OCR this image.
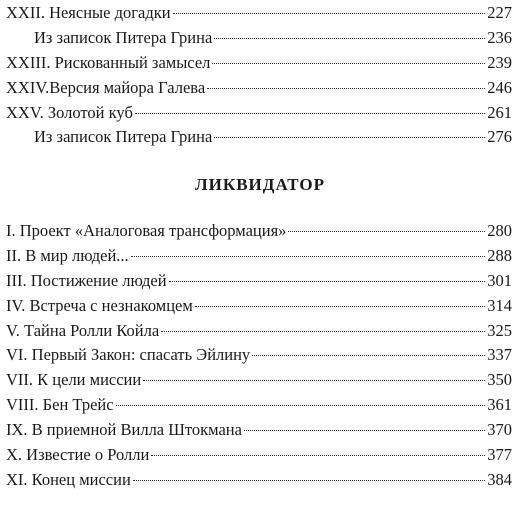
XXII. Неясные догадки	227
Из записок Питера Грина	236
XXIII. Рискованный замысел	239
XXIV.Версия майора Галева	246
XXV. Золотой куб	261
Из записок Питера Грина	276
ЛИКВИДАТОР
I. Проект «Аналоговая трансформация»	280
II. В мир людей...	288
III. Постижение людей	301
IV. Встреча с незнакомцем	314
V. Тайна Ролли Койла	325
VI. Первый Закон: спасать Эйлину	337
VII. К цели миссии	350
VIII. Бен Трейс	361
IX. В приемной Вилла Штокмана	370
X. Известие о Ролли	377
XI. Конец миссии	384
